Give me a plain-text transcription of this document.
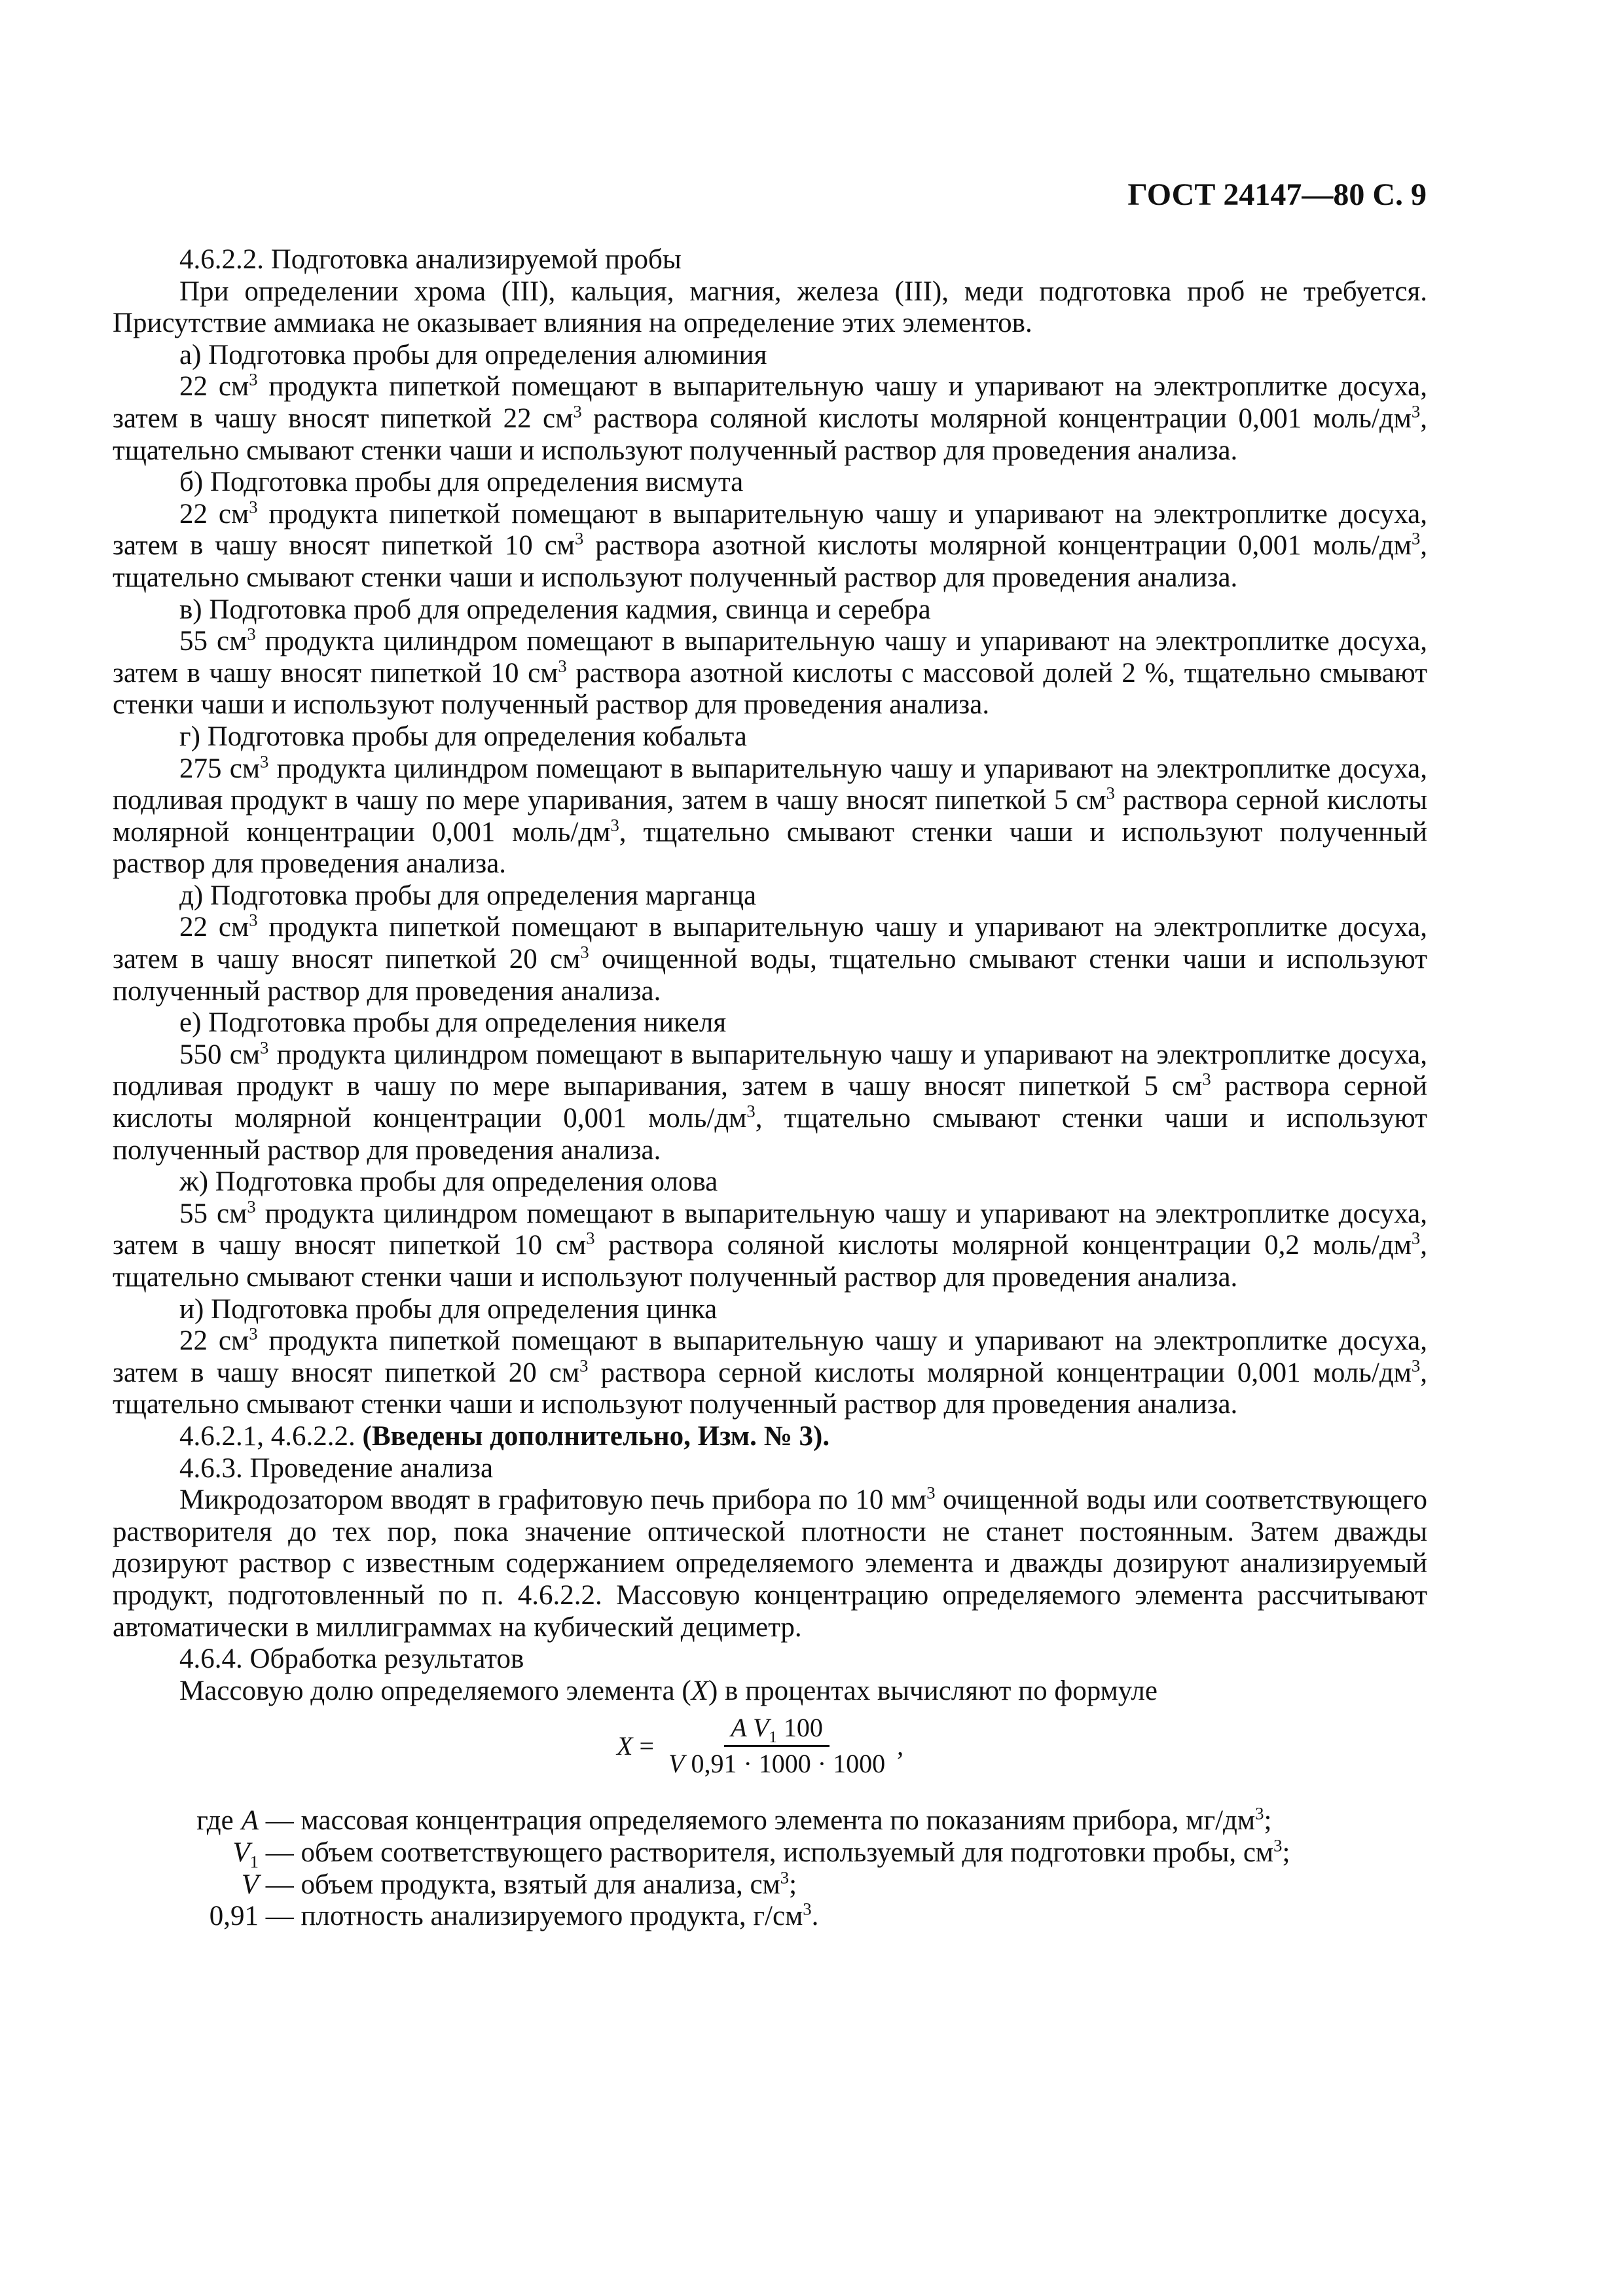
ГОСТ 24147—80 С. 9

4.6.2.2. Подготовка анализируемой пробы

При определении хрома (III), кальция, магния, железа (III), меди подготовка проб не требуется. Присутствие аммиака не оказывает влияния на определение этих элементов.

а) Подготовка пробы для определения алюминия

22 $см^3$ продукта пипеткой помещают в выпарительную чашу и упаривают на электроплитке досуха, затем в чашу вносят пипеткой 22 $см^3$ раствора соляной кислоты молярной концентрации 0,001 моль/$дм^3$, тщательно смывают стенки чаши и используют полученный раствор для проведения анализа.

б) Подготовка пробы для определения висмута

22 $см^3$ продукта пипеткой помещают в выпарительную чашу и упаривают на электроплитке досуха, затем в чашу вносят пипеткой 10 $см^3$ раствора азотной кислоты молярной концентрации 0,001 моль/$дм^3$, тщательно смывают стенки чаши и используют полученный раствор для проведения анализа.

в) Подготовка проб для определения кадмия, свинца и серебра

55 $см^3$ продукта цилиндром помещают в выпарительную чашу и упаривают на электроплитке досуха, затем в чашу вносят пипеткой 10 $см^3$ раствора азотной кислоты с массовой долей 2 %, тщательно смывают стенки чаши и используют полученный раствор для проведения анализа.

г) Подготовка пробы для определения кобальта

275 $см^3$ продукта цилиндром помещают в выпарительную чашу и упаривают на электроплитке досуха, подливая продукт в чашу по мере упаривания, затем в чашу вносят пипеткой 5 $см^3$ раствора серной кислоты молярной концентрации 0,001 моль/$дм^3$, тщательно смывают стенки чаши и используют полученный раствор для проведения анализа.

д) Подготовка пробы для определения марганца

22 $см^3$ продукта пипеткой помещают в выпарительную чашу и упаривают на электроплитке досуха, затем в чашу вносят пипеткой 20 $см^3$ очищенной воды, тщательно смывают стенки чаши и используют полученный раствор для проведения анализа.

е) Подготовка пробы для определения никеля

550 $см^3$ продукта цилиндром помещают в выпарительную чашу и упаривают на электроплитке досуха, подливая продукт в чашу по мере выпаривания, затем в чашу вносят пипеткой 5 $см^3$ раствора серной кислоты молярной концентрации 0,001 моль/$дм^3$, тщательно смывают стенки чаши и используют полученный раствор для проведения анализа.

ж) Подготовка пробы для определения олова

55 $см^3$ продукта цилиндром помещают в выпарительную чашу и упаривают на электроплитке досуха, затем в чашу вносят пипеткой 10 $см^3$ раствора соляной кислоты молярной концентрации 0,2 моль/$дм^3$, тщательно смывают стенки чаши и используют полученный раствор для проведения анализа.

и) Подготовка пробы для определения цинка

22 $см^3$ продукта пипеткой помещают в выпарительную чашу и упаривают на электроплитке досуха, затем в чашу вносят пипеткой 20 $см^3$ раствора серной кислоты молярной концентрации 0,001 моль/$дм^3$, тщательно смывают стенки чаши и используют полученный раствор для проведения анализа.

4.6.2.1, 4.6.2.2. (Введены дополнительно, Изм. № 3).

4.6.3. Проведение анализа

Микродозатором вводят в графитовую печь прибора по 10 $мм^3$ очищенной воды или соответствующего растворителя до тех пор, пока значение оптической плотности не станет постоянным. Затем дважды дозируют раствор с известным содержанием определяемого элемента и дважды дозируют анализируемый продукт, подготовленный по п. 4.6.2.2. Массовую концентрацию определяемого элемента рассчитывают автоматически в миллиграммах на кубический дециметр.

4.6.4. Обработка результатов

Массовую долю определяемого элемента (X) в процентах вычисляют по формуле

$X = \frac{A V_1 100}{V 0,91 \cdot 1000 \cdot 1000}$ ,
где A
— массовая концентрация определяемого элемента по показаниям прибора, $мг/дм^3$;
$V_1$
— объем соответствующего растворителя, используемый для подготовки пробы, $см^3$;
V
— объем продукта, взятый для анализа, $см^3$;
0,91
— плотность анализируемого продукта, $г/см^3$.
